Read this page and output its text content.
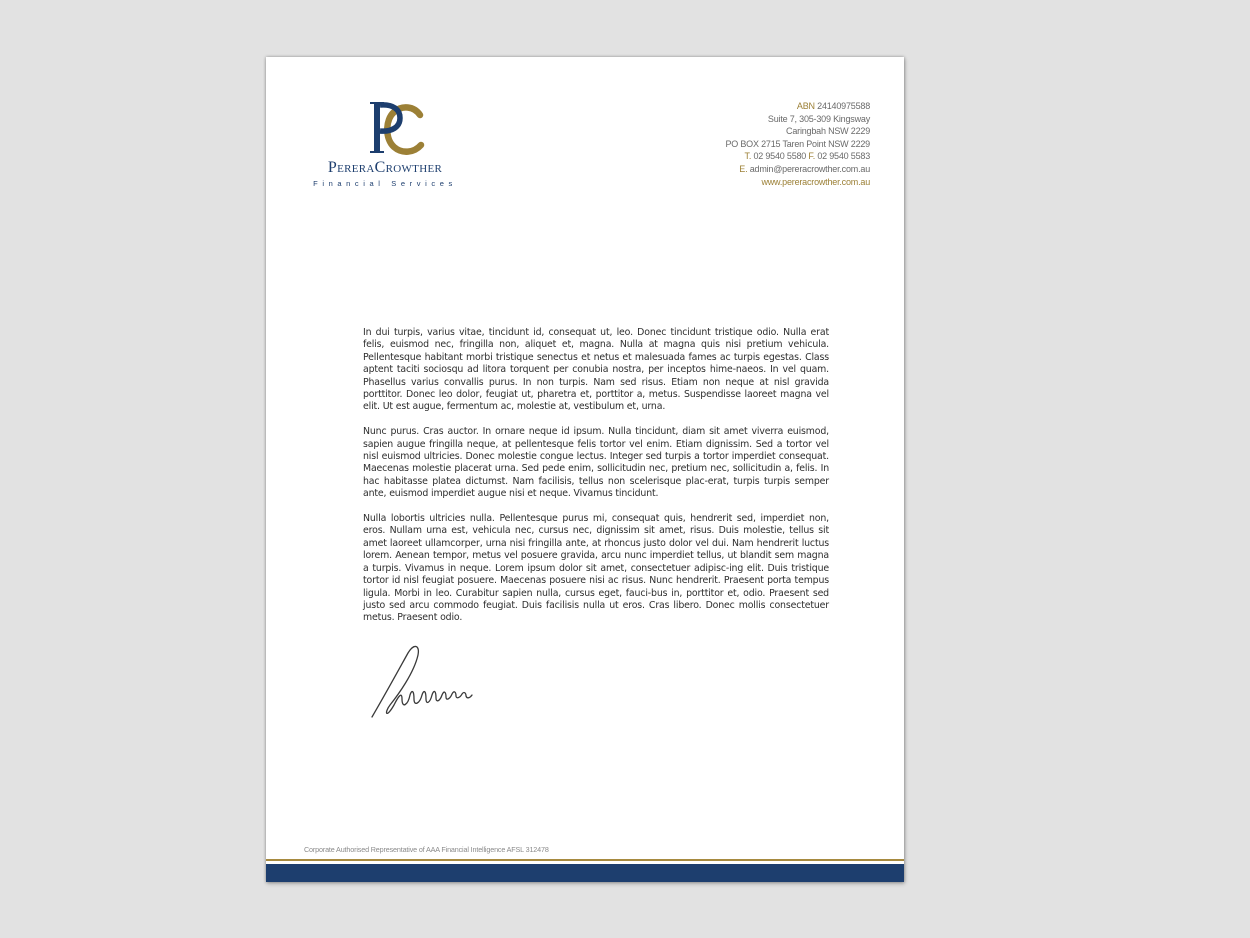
PereraCrowther
Financial Services
ABN 24140975588
Suite 7, 305-309 Kingsway
Caringbah NSW 2229
PO BOX 2715 Taren Point NSW 2229
T. 02 9540 5580 F. 02 9540 5583
E. admin@pereracrowther.com.au
www.pereracrowther.com.au

In dui turpis, varius vitae, tincidunt id, consequat ut, leo. Donec tincidunt tristique odio. Nulla erat felis, euismod nec, fringilla non, aliquet et, magna. Nulla at magna quis nisi pretium vehicula. Pellentesque habitant morbi tristique senectus et netus et malesuada fames ac turpis egestas. Class aptent taciti sociosqu ad litora torquent per conubia nostra, per inceptos hime-naeos. In vel quam. Phasellus varius convallis purus. In non turpis. Nam sed risus. Etiam non neque at nisl gravida porttitor. Donec leo dolor, feugiat ut, pharetra et, porttitor a, metus. Suspendisse laoreet magna vel elit. Ut est augue, fermentum ac, molestie at, vestibulum et, urna.

Nunc purus. Cras auctor. In ornare neque id ipsum. Nulla tincidunt, diam sit amet viverra euismod, sapien augue fringilla neque, at pellentesque felis tortor vel enim. Etiam dignissim. Sed a tortor vel nisl euismod ultricies. Donec molestie congue lectus. Integer sed turpis a tortor imperdiet consequat. Maecenas molestie placerat urna. Sed pede enim, sollicitudin nec, pretium nec, sollicitudin a, felis. In hac habitasse platea dictumst. Nam facilisis, tellus non scelerisque plac-erat, turpis turpis semper ante, euismod imperdiet augue nisi et neque. Vivamus tincidunt.

Nulla lobortis ultricies nulla. Pellentesque purus mi, consequat quis, hendrerit sed, imperdiet non, eros. Nullam urna est, vehicula nec, cursus nec, dignissim sit amet, risus. Duis molestie, tellus sit amet laoreet ullamcorper, urna nisi fringilla ante, at rhoncus justo dolor vel dui. Nam hendrerit luctus lorem. Aenean tempor, metus vel posuere gravida, arcu nunc imperdiet tellus, ut blandit sem magna a turpis. Vivamus in neque. Lorem ipsum dolor sit amet, consectetuer adipisc-ing elit. Duis tristique tortor id nisl feugiat posuere. Maecenas posuere nisi ac risus. Nunc hendrerit. Praesent porta tempus ligula. Morbi in leo. Curabitur sapien nulla, cursus eget, fauci-bus in, porttitor et, odio. Praesent sed justo sed arcu commodo feugiat. Duis facilisis nulla ut eros. Cras libero. Donec mollis consectetuer metus. Praesent odio.

Corporate Authorised Representative of AAA Financial Intelligence AFSL 312478
